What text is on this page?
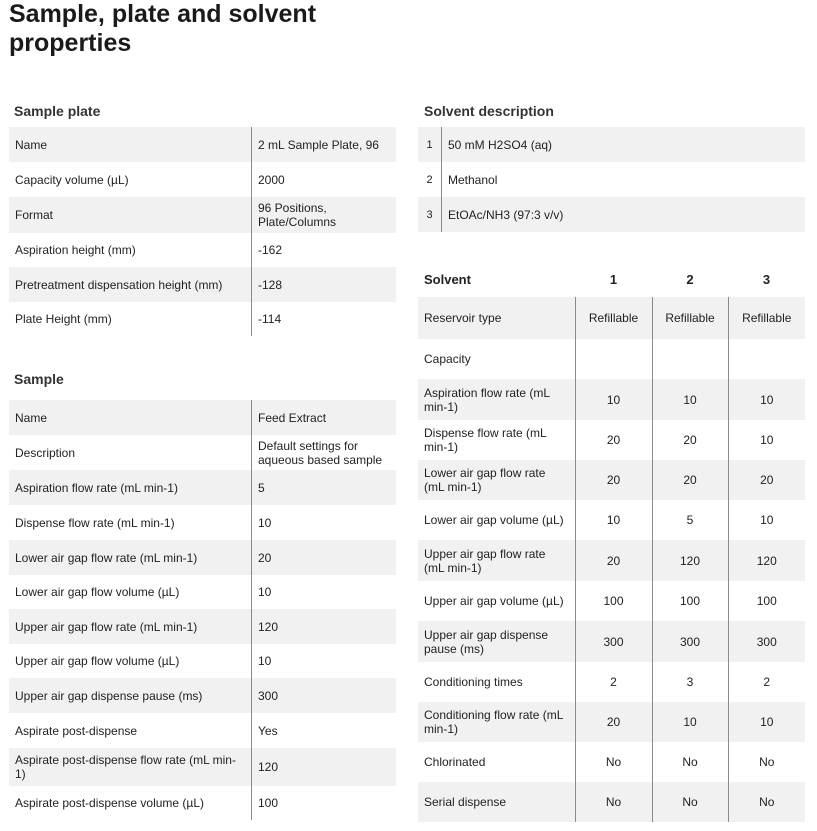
Sample, plate and solvent properties
Sample plate
Name	2 mL Sample Plate, 96
Capacity volume (µL)	2000
Format	96 Positions, Plate/Columns
Aspiration height (mm)	-162
Pretreatment dispensation height (mm)	-128
Plate Height (mm)	-114
Sample
Name	Feed Extract
Description	Default settings for aqueous based sample
Aspiration flow rate (mL min-1)	5
Dispense flow rate (mL min-1)	10
Lower air gap flow rate (mL min-1)	20
Lower air gap flow volume (µL)	10
Upper air gap flow rate (mL min-1)	120
Upper air gap flow volume (µL)	10
Upper air gap dispense pause (ms)	300
Aspirate post-dispense	Yes
Aspirate post-dispense flow rate (mL min-1)	120
Aspirate post-dispense volume (µL)	100
Solvent description
1	50 mM H2SO4 (aq)
2	Methanol
3	EtOAc/NH3 (97:3 v/v)
Solvent	1	2	3
Reservoir type	Refillable	Refillable	Refillable
Capacity			
Aspiration flow rate (mL min-1)	10	10	10
Dispense flow rate (mL min-1)	20	20	10
Lower air gap flow rate (mL min-1)	20	20	20
Lower air gap volume (µL)	10	5	10
Upper air gap flow rate (mL min-1)	20	120	120
Upper air gap volume (µL)	100	100	100
Upper air gap dispense pause (ms)	300	300	300
Conditioning times	2	3	2
Conditioning flow rate (mL min-1)	20	10	10
Chlorinated	No	No	No
Serial dispense	No	No	No
